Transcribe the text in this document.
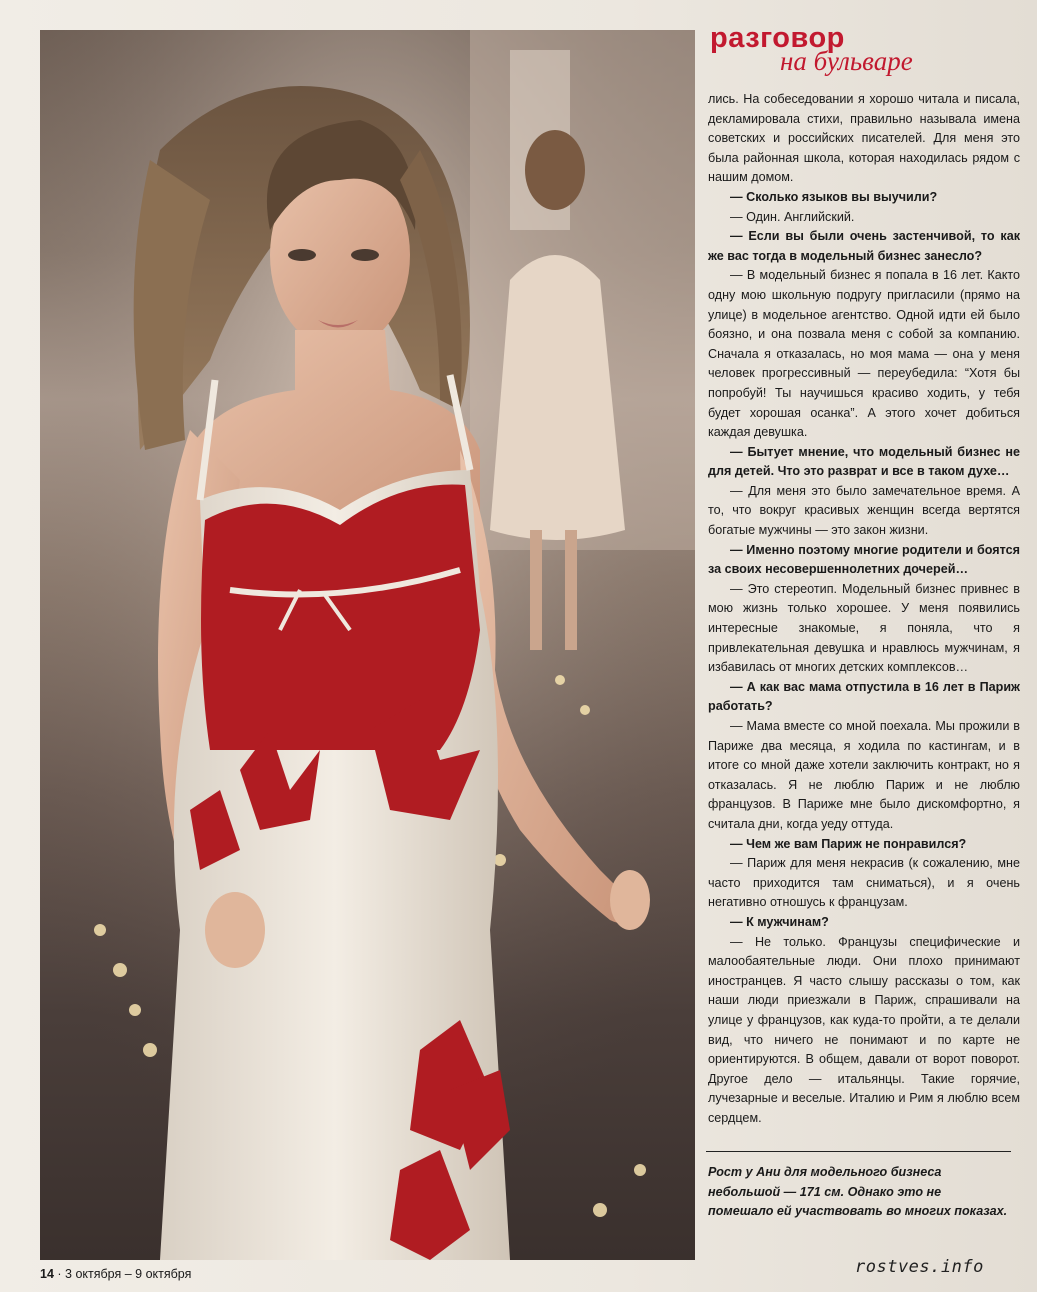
разговор
на бульваре

лись. На собеседовании я хорошо читала и писала, декламировала стихи, правильно называла имена советских и российских писателей. Для меня это была районная школа, которая находилась рядом с нашим домом.

— Сколько языков вы выучили?

— Один. Английский.

— Если вы были очень застенчивой, то как же вас тогда в модельный бизнес занесло?

— В модельный бизнес я попала в 16 лет. Както одну мою школьную подругу пригласили (прямо на улице) в модельное агентство. Одной идти ей было боязно, и она позвала меня с собой за компанию. Сначала я отказалась, но моя мама — она у меня человек прогрессивный — переубедила: “Хотя бы попробуй! Ты научишься красиво ходить, у тебя будет хорошая осанка”. А этого хочет добиться каждая девушка.

— Бытует мнение, что модельный бизнес не для детей. Что это разврат и все в таком духе…

— Для меня это было замечательное время. А то, что вокруг красивых женщин всегда вертятся богатые мужчины — это закон жизни.

— Именно поэтому многие родители и боятся за своих несовершеннолетних дочерей…

— Это стереотип. Модельный бизнес привнес в мою жизнь только хорошее. У меня появились интересные знакомые, я поняла, что я привлекательная девушка и нравлюсь мужчинам, я избавилась от многих детских комплексов…

— А как вас мама отпустила в 16 лет в Париж работать?

— Мама вместе со мной поехала. Мы прожили в Париже два месяца, я ходила по кастингам, и в итоге со мной даже хотели заключить контракт, но я отказалась. Я не люблю Париж и не люблю французов. В Париже мне было дискомфортно, я считала дни, когда уеду оттуда.

— Чем же вам Париж не понравился?

— Париж для меня некрасив (к сожалению, мне часто приходится там сниматься), и я очень негативно отношусь к французам.

— К мужчинам?

— Не только. Французы специфические и малообаятельные люди. Они плохо принимают иностранцев. Я часто слышу рассказы о том, как наши люди приезжали в Париж, спрашивали на улице у французов, как куда-то пройти, а те делали вид, что ничего не понимают и по карте не ориентируются. В общем, давали от ворот поворот. Другое дело — итальянцы. Такие горячие, лучезарные и веселые. Италию и Рим я люблю всем сердцем.

Рост у Ани для модельного бизнеса небольшой — 171 см. Однако это не помешало ей участвовать во многих показах.
14 · 3 октября – 9 октября	rostves.info
